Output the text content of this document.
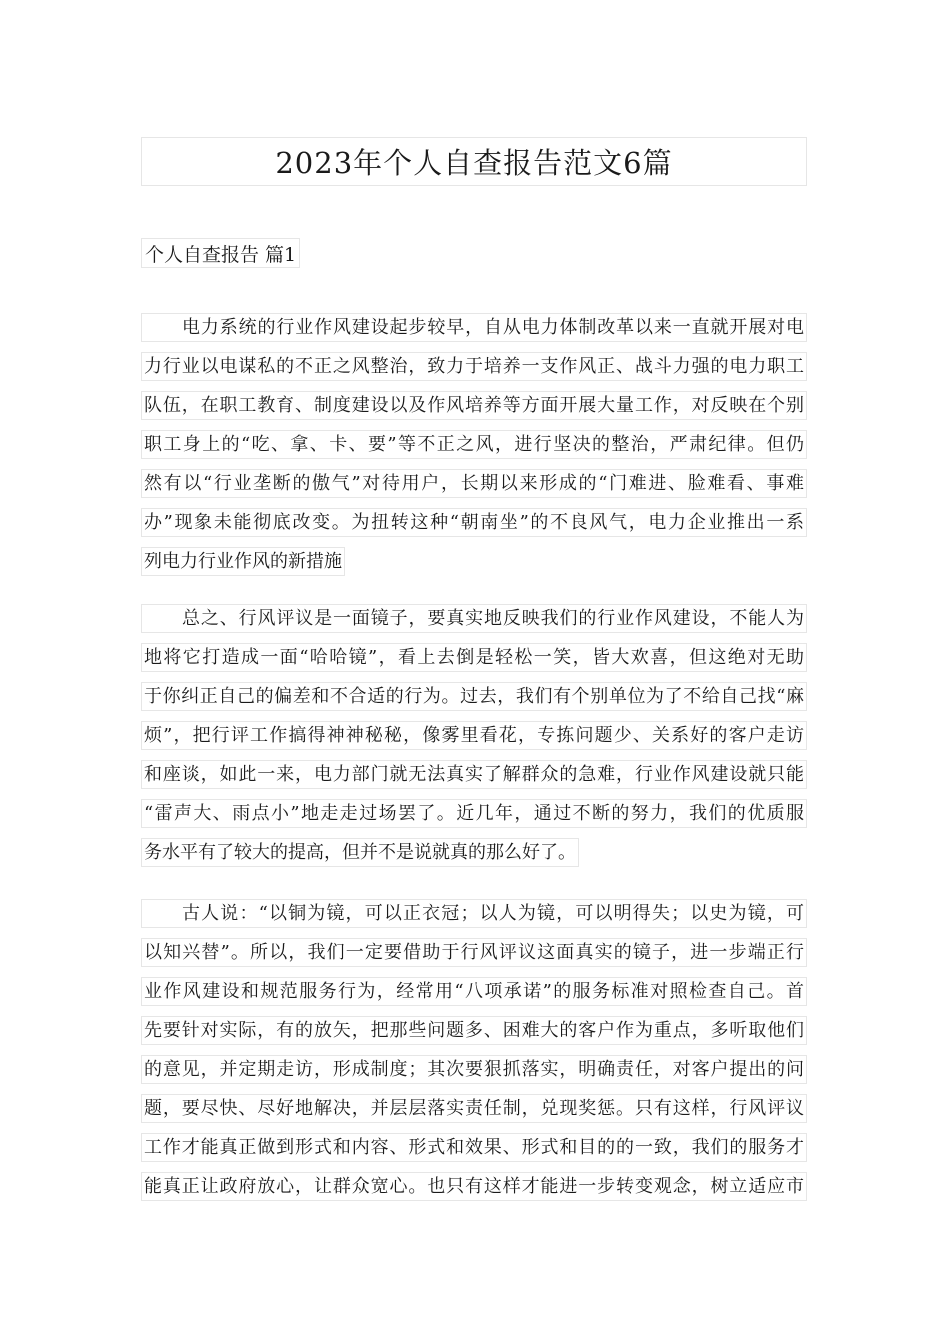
2023年个人自查报告范文6篇
个人自查报告 篇1
电力系统的行业作风建设起步较早，自从电力体制改革以来一直就开展对电
力行业以电谋私的不正之风整治，致力于培养一支作风正、战斗力强的电力职工
队伍，在职工教育、制度建设以及作风培养等方面开展大量工作，对反映在个别
职工身上的“吃、拿、卡、要”等不正之风，进行坚决的整治，严肃纪律。但仍
然有以“行业垄断的傲气”对待用户，长期以来形成的“门难进、脸难看、事难
办”现象未能彻底改变。为扭转这种“朝南坐”的不良风气，电力企业推出一系
列电力行业作风的新措施
总之、行风评议是一面镜子，要真实地反映我们的行业作风建设，不能人为
地将它打造成一面“哈哈镜”，看上去倒是轻松一笑，皆大欢喜，但这绝对无助
于你纠正自己的偏差和不合适的行为。过去，我们有个别单位为了不给自己找“麻
烦”，把行评工作搞得神神秘秘，像雾里看花，专拣问题少、关系好的客户走访
和座谈，如此一来，电力部门就无法真实了解群众的急难，行业作风建设就只能
“雷声大、雨点小”地走走过场罢了。近几年，通过不断的努力，我们的优质服
务水平有了较大的提高，但并不是说就真的那么好了。
古人说：“以铜为镜，可以正衣冠；以人为镜，可以明得失；以史为镜，可
以知兴替”。所以，我们一定要借助于行风评议这面真实的镜子，进一步端正行
业作风建设和规范服务行为，经常用“八项承诺”的服务标准对照检查自己。首
先要针对实际，有的放矢，把那些问题多、困难大的客户作为重点，多听取他们
的意见，并定期走访，形成制度；其次要狠抓落实，明确责任，对客户提出的问
题，要尽快、尽好地解决，并层层落实责任制，兑现奖惩。只有这样，行风评议
工作才能真正做到形式和内容、形式和效果、形式和目的的一致，我们的服务才
能真正让政府放心，让群众宽心。也只有这样才能进一步转变观念，树立适应市
